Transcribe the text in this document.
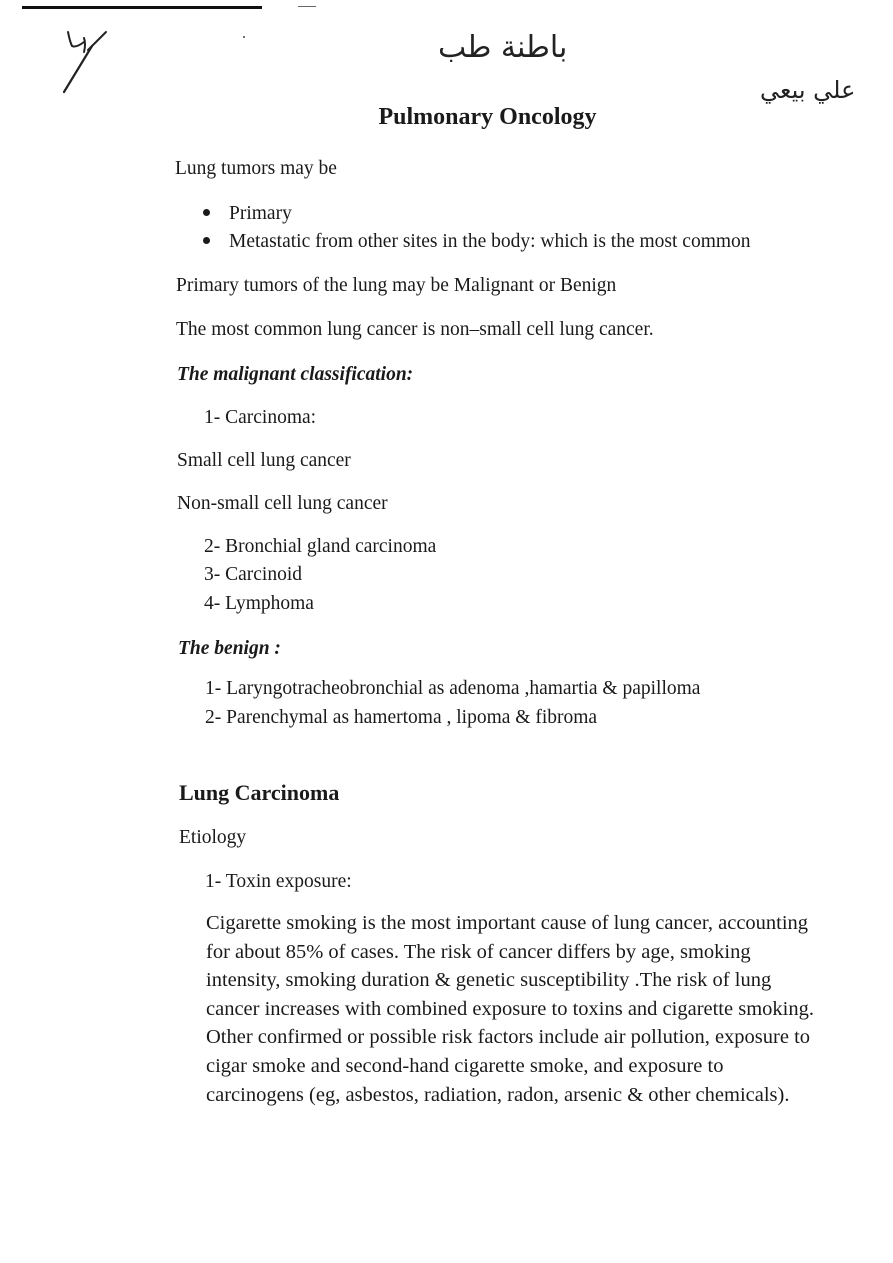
باطنة طب
علي بيعي
Pulmonary Oncology
Lung tumors may be
Primary
Metastatic from other sites in the body: which is the most common
Primary tumors of the lung may be Malignant or Benign
The most common lung cancer is non–small cell lung cancer.
The malignant classification:
1- Carcinoma:
Small cell lung cancer
Non-small cell lung cancer
2- Bronchial gland carcinoma
3- Carcinoid
4- Lymphoma
The benign :
1- Laryngotracheobronchial as adenoma ,hamartia & papilloma
2- Parenchymal as hamertoma , lipoma & fibroma
Lung Carcinoma
Etiology
1- Toxin exposure:

Cigarette smoking is the most important cause of lung cancer, accounting for about 85% of cases. The risk of cancer differs by age, smoking intensity, smoking duration & genetic susceptibility .The risk of lung cancer increases with combined exposure to toxins and cigarette smoking. Other confirmed or possible risk factors include air pollution, exposure to cigar smoke and second-hand cigarette smoke, and exposure to carcinogens (eg, asbestos, radiation, radon, arsenic & other chemicals).
